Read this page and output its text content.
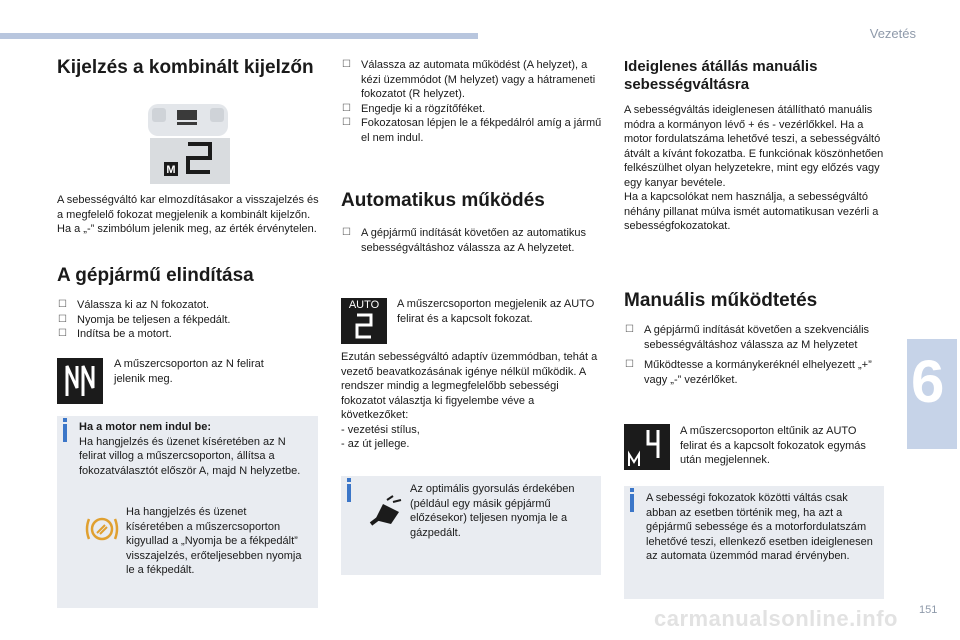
Vezetés
6
carmanualsonline.info 151
Kijelzés a kombinált kijelzőn
M

A sebességváltó kar elmozdításakor a visszajelzés és a megfelelő fokozat megjelenik a kombinált kijelzőn.

Ha a „-” szimbólum jelenik meg, az érték érvénytelen.

A gépjármű elindítása

☐ Válassza ki az N fokozatot.

☐ Nyomja be teljesen a fékpedált.

☐ Indítsa be a motort.

A műszercsoporton az N felirat jelenik meg.

Ha a motor nem indul be:

Ha hangjelzés és üzenet kíséretében az N felirat villog a műszercsoporton, állítsa a fokozatválasztót először A, majd N helyzetbe.

Ha hangjelzés és üzenet kíséretében a műszercsoporton kigyullad a „Nyomja be a fékpedált” visszajelzés, erőteljesebben nyomja le a fékpedált.

☐ Válassza az automata működést (A helyzet), a kézi üzemmódot (M helyzet) vagy a hátrameneti fokozatot (R helyzet).

☐ Engedje ki a rögzítőféket.

☐ Fokozatosan lépjen le a fékpedálról amíg a jármű el nem indul.

Automatikus működés

☐ A gépjármű indítását követően az automatikus sebességváltáshoz válassza az A helyzetet.

AUTO	A műszercsoporton megjelenik az AUTO felirat és a kapcsolt fokozat.

Ezután sebességváltó adaptív üzemmódban, tehát a vezető beavatkozásának igénye nélkül működik. A rendszer mindig a legmegfelelőbb sebességi fokozatot választja ki figyelembe véve a következőket:

- vezetési stílus,

- az út jellege.

Az optimális gyorsulás érdekében (például egy másik gépjármű előzésekor) teljesen nyomja le a gázpedált.
Ideiglenes átállás manuális sebességváltásra

A sebességváltás ideiglenesen átállítható manuális módra a kormányon lévő + és - vezérlőkkel. Ha a motor fordulatszáma lehetővé teszi, a sebességváltó átvált a kívánt fokozatba. E funkciónak köszönhetően felkészülhet olyan helyzetekre, mint egy előzés vagy egy kanyar bevétele.

Ha a kapcsolókat nem használja, a sebességváltó néhány pillanat múlva ismét automatikusan vezérli a sebességfokozatokat.

Manuális működtetés

☐ A gépjármű indítását követően a szekvenciális sebességváltáshoz válassza az M helyzetet

☐ Működtesse a kormánykeréknél elhelyezett „+” vagy „-” vezérlőket.

A műszercsoporton eltűnik az AUTO felirat és a kapcsolt fokozatok egymás után megjelennek.
A sebességi fokozatok közötti váltás csak abban az esetben történik meg, ha azt a gépjármű sebessége és a motorfordulatszám lehetővé teszi, ellenkező esetben ideiglenesen az automata üzemmód marad érvényben.
